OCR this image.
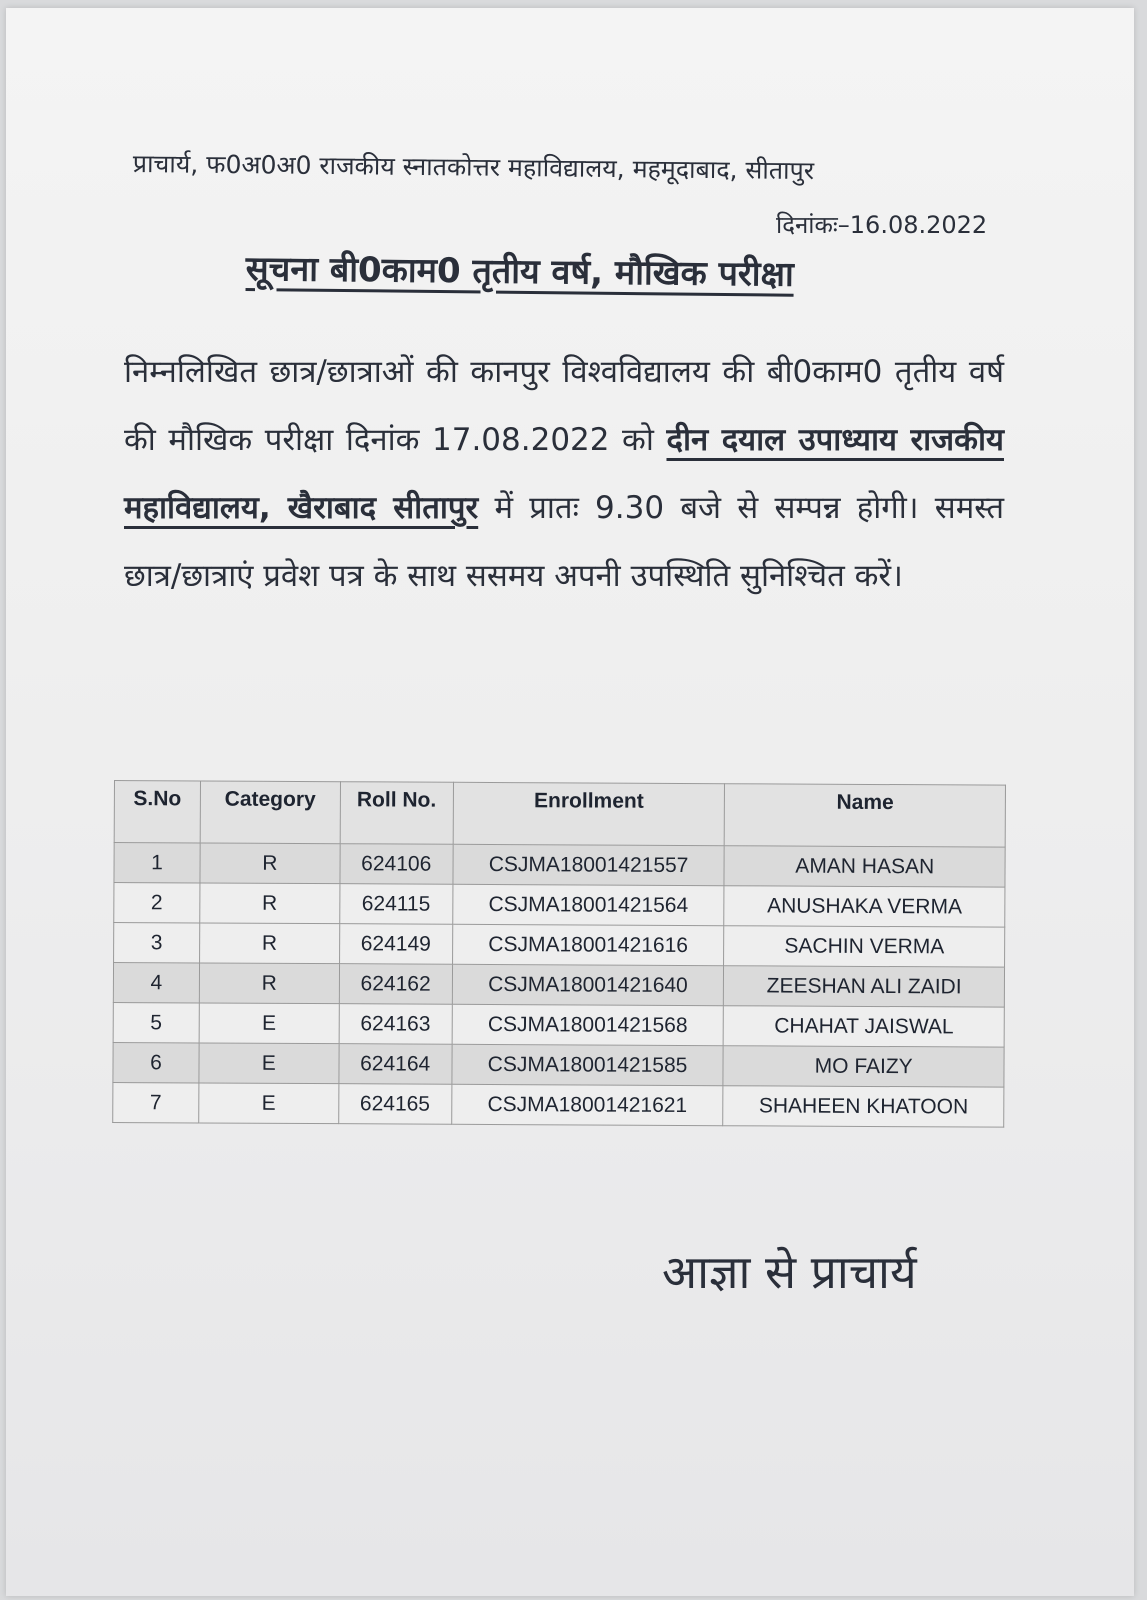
प्राचार्य, फ0अ0अ0 राजकीय स्नातकोत्तर महाविद्यालय, महमूदाबाद, सीतापुर
दिनांकः–16.08.2022
सूचना बी0काम0 तृतीय वर्ष, मौखिक परीक्षा
निम्नलिखित छात्र/छात्राओं की कानपुर विश्वविद्यालय की बी0काम0 तृतीय वर्ष की मौखिक परीक्षा दिनांक 17.08.2022 को दीन दयाल उपाध्याय राजकीय महाविद्यालय, खैराबाद सीतापुर में प्रातः 9.30 बजे से सम्पन्न होगी। समस्त छात्र/छात्राएं प्रवेश पत्र के साथ ससमय अपनी उपस्थिति सुनिश्चित करें।
S.No	Category	Roll No.	Enrollment	Name
1	R	624106	CSJMA18001421557	AMAN HASAN
2	R	624115	CSJMA18001421564	ANUSHAKA VERMA
3	R	624149	CSJMA18001421616	SACHIN VERMA
4	R	624162	CSJMA18001421640	ZEESHAN ALI ZAIDI
5	E	624163	CSJMA18001421568	CHAHAT JAISWAL
6	E	624164	CSJMA18001421585	MO FAIZY
7	E	624165	CSJMA18001421621	SHAHEEN KHATOON
आज्ञा से प्राचार्य
